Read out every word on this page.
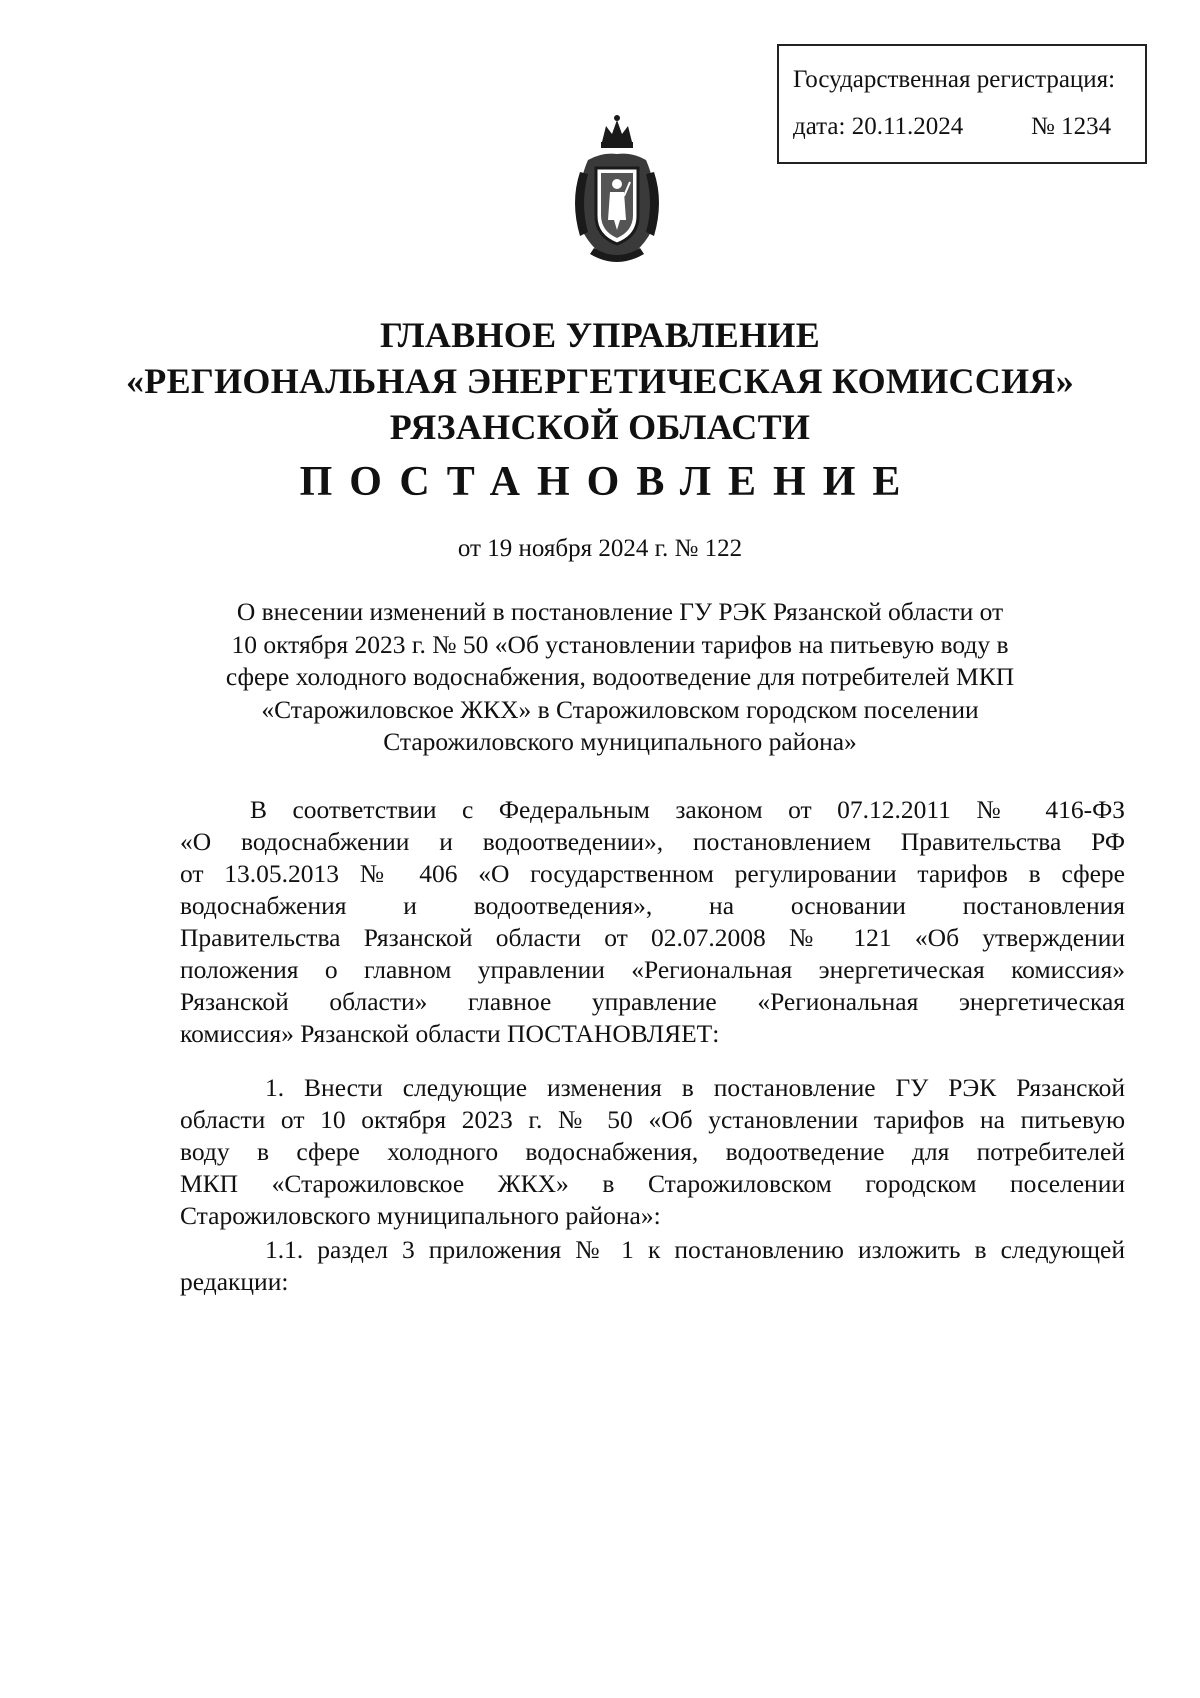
Государственная регистрация:
дата: 20.11.2024	№ 1234
ГЛАВНОЕ УПРАВЛЕНИЕ
«РЕГИОНАЛЬНАЯ ЭНЕРГЕТИЧЕСКАЯ КОМИССИЯ»
РЯЗАНСКОЙ ОБЛАСТИ
ПОСТАНОВЛЕНИЕ
от 19 ноября 2024 г. № 122
О внесении изменений в постановление ГУ РЭК Рязанской области от
10 октября 2023 г. № 50 «Об установлении тарифов на питьевую воду в
сфере холодного водоснабжения, водоотведение для потребителей МКП
«Старожиловское ЖКХ» в Старожиловском городском поселении
Старожиловского муниципального района»
В соответствии с Федеральным законом от 07.12.2011 № 416-ФЗ
«О водоснабжении и водоотведении», постановлением Правительства РФ
от 13.05.2013 № 406 «О государственном регулировании тарифов в сфере
водоснабжения и водоотведения», на основании постановления
Правительства Рязанской области от 02.07.2008 № 121 «Об утверждении
положения о главном управлении «Региональная энергетическая комиссия»
Рязанской области» главное управление «Региональная энергетическая
комиссия» Рязанской области ПОСТАНОВЛЯЕТ:
1. Внести следующие изменения в постановление ГУ РЭК Рязанской
области от 10 октября 2023 г. № 50 «Об установлении тарифов на питьевую
воду в сфере холодного водоснабжения, водоотведение для потребителей
МКП «Старожиловское ЖКХ» в Старожиловском городском поселении
Старожиловского муниципального района»:
1.1. раздел 3 приложения № 1 к постановлению изложить в следующей
редакции:
